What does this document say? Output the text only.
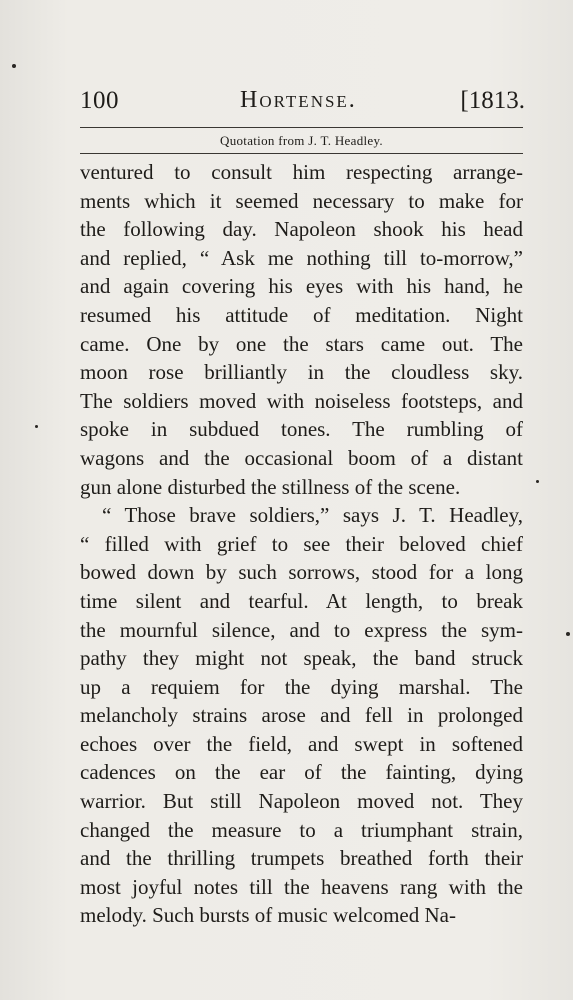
100	Hortense.	[1813.
Quotation from J. T. Headley.
ventured to consult him respecting arrange-
ments which it seemed necessary to make for
the following day. Napoleon shook his head
and replied, “ Ask me nothing till to-morrow,”
and again covering his eyes with his hand, he
resumed his attitude of meditation. Night
came. One by one the stars came out. The
moon rose brilliantly in the cloudless sky.
The soldiers moved with noiseless footsteps, and
spoke in subdued tones. The rumbling of
wagons and the occasional boom of a distant
gun alone disturbed the stillness of the scene.
“ Those brave soldiers,” says J. T. Headley,
“ filled with grief to see their beloved chief
bowed down by such sorrows, stood for a long
time silent and tearful. At length, to break
the mournful silence, and to express the sym-
pathy they might not speak, the band struck
up a requiem for the dying marshal. The
melancholy strains arose and fell in prolonged
echoes over the field, and swept in softened
cadences on the ear of the fainting, dying
warrior. But still Napoleon moved not. They
changed the measure to a triumphant strain,
and the thrilling trumpets breathed forth their
most joyful notes till the heavens rang with the
melody. Such bursts of music welcomed Na-
